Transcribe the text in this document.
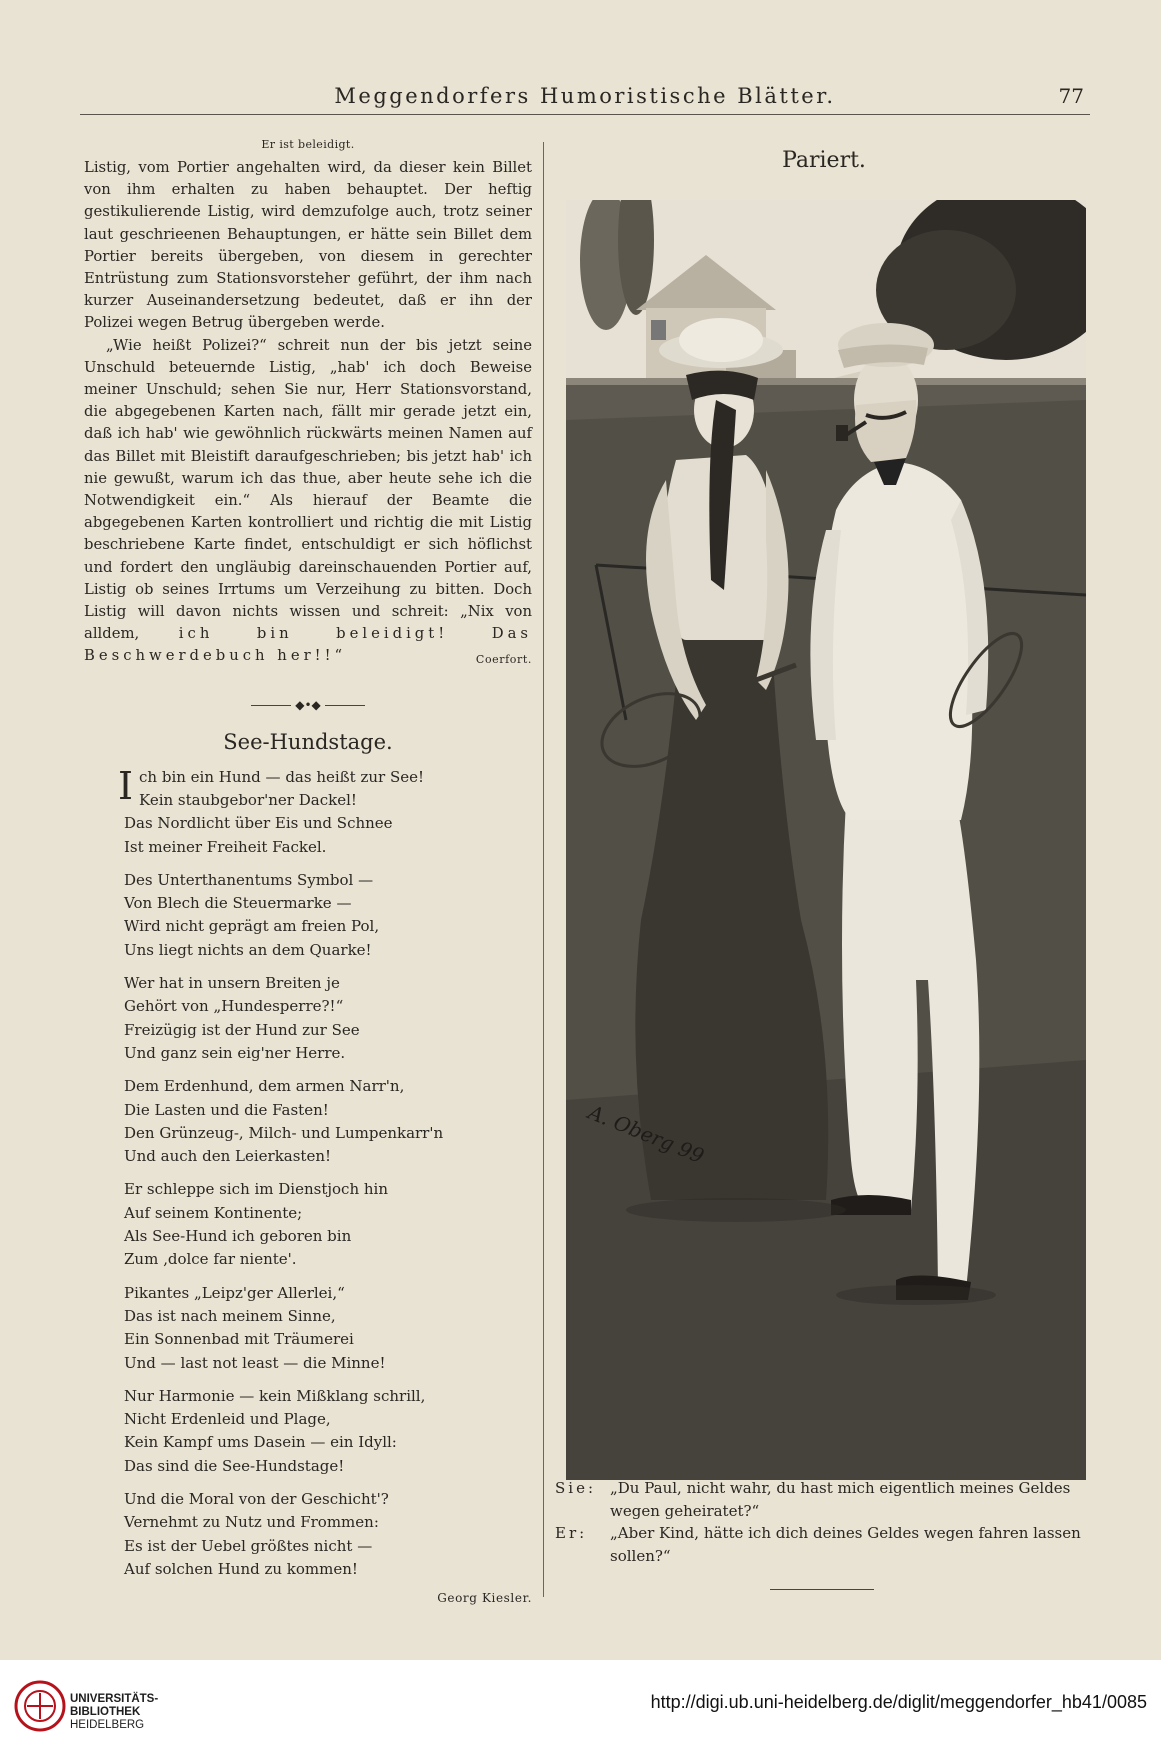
Meggendorfers Humoristische Blätter.	77
Er ist beleidigt.

Listig, vom Portier angehalten wird, da dieser kein Billet von ihm erhalten zu haben behauptet. Der heftig gestikulierende Listig, wird demzufolge auch, trotz seiner laut geschrieenen Behauptungen, er hätte sein Billet dem Portier bereits übergeben, von diesem in gerechter Entrüstung zum Stationsvorsteher geführt, der ihm nach kurzer Auseinandersetzung bedeutet, daß er ihn der Polizei wegen Betrug übergeben werde.

„Wie heißt Polizei?“ schreit nun der bis jetzt seine Unschuld beteuernde Listig, „hab' ich doch Beweise meiner Unschuld; sehen Sie nur, Herr Stationsvorstand, die abgegebenen Karten nach, fällt mir gerade jetzt ein, daß ich hab' wie gewöhnlich rückwärts meinen Namen auf das Billet mit Bleistift daraufgeschrieben; bis jetzt hab' ich nie gewußt, warum ich das thue, aber heute sehe ich die Notwendigkeit ein.“ Als hierauf der Beamte die abgegebenen Karten kontrolliert und richtig die mit Listig beschriebene Karte findet, entschuldigt er sich höflichst und fordert den ungläubig dareinschauenden Portier auf, Listig ob seines Irrtums um Verzeihung zu bitten. Doch Listig will davon nichts wissen und schreit: „Nix von alldem, ich bin beleidigt! Das Beschwerdebuch her!!“	Coerfort.

◆•◆
See-Hundstage.
I ch bin ein Hund — das heißt zur See!
Kein staubgebor'ner Dackel!
Das Nordlicht über Eis und Schnee
Ist meiner Freiheit Fackel.
Des Unterthanentums Symbol —
Von Blech die Steuermarke —
Wird nicht geprägt am freien Pol,
Uns liegt nichts an dem Quarke!
Wer hat in unsern Breiten je
Gehört von „Hundesperre?!“
Freizügig ist der Hund zur See
Und ganz sein eig'ner Herre.
Dem Erdenhund, dem armen Narr'n,
Die Lasten und die Fasten!
Den Grünzeug-, Milch- und Lumpenkarr'n
Und auch den Leierkasten!
Er schleppe sich im Dienstjoch hin
Auf seinem Kontinente;
Als See-Hund ich geboren bin
Zum ‚dolce far niente'.
Pikantes „Leipz'ger Allerlei,“
Das ist nach meinem Sinne,
Ein Sonnenbad mit Träumerei
Und — last not least — die Minne!
Nur Harmonie — kein Mißklang schrill,
Nicht Erdenleid und Plage,
Kein Kampf ums Dasein — ein Idyll:
Das sind die See-Hundstage!
Und die Moral von der Geschicht'?
Vernehmt zu Nutz und Frommen:
Es ist der Uebel größtes nicht —
Auf solchen Hund zu kommen!
Georg Kiesler.
Pariert.
A. Oberg 99
Sie: „Du Paul, nicht wahr, du hast mich eigentlich meines Geldes wegen geheiratet?“
Er:	„Aber Kind, hätte ich dich deines Geldes wegen fahren lassen sollen?“
UNIVERSITÄTS-
BIBLIOTHEK
HEIDELBERG
http://digi.ub.uni-heidelberg.de/diglit/meggendorfer_hb41/0085
